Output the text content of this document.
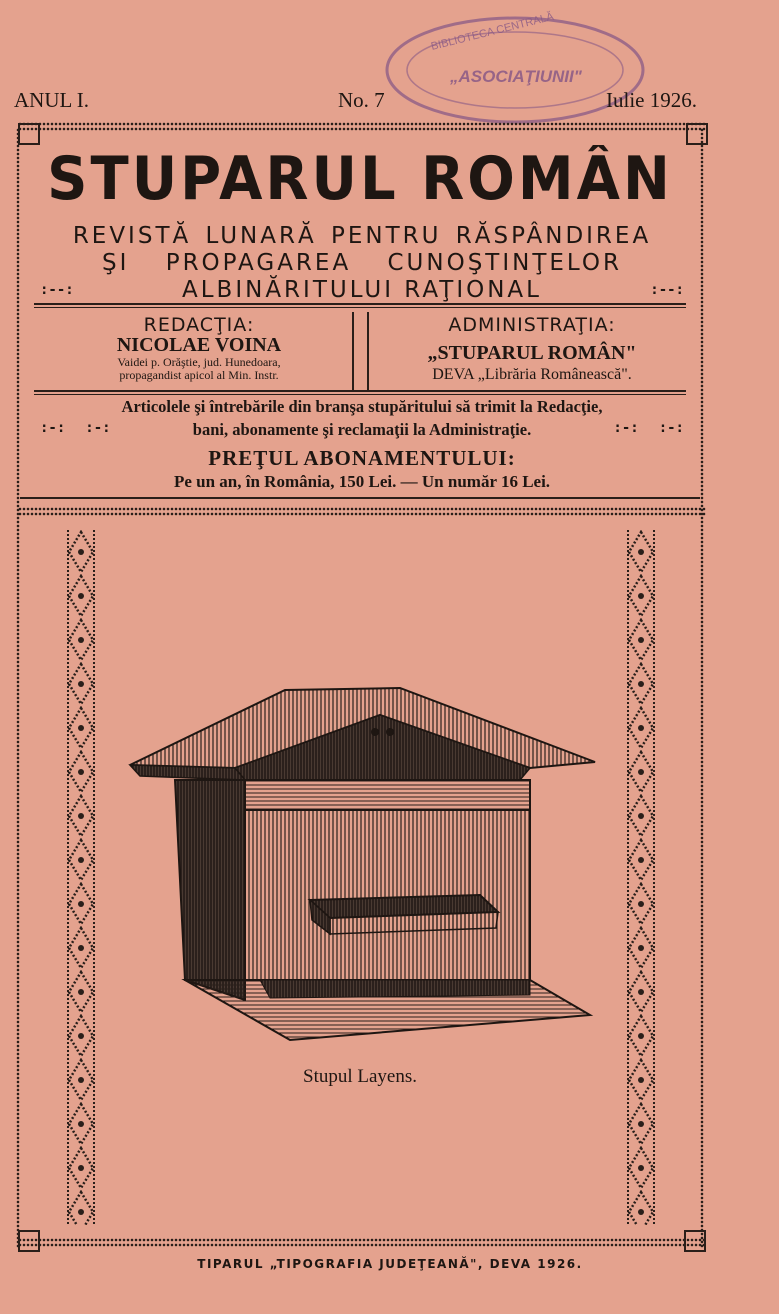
BIBLIOTECA CENTRALĂ
„ASOCIAŢIUNII"
ANUL I.	No. 7	Iulie 1926.
STUPARUL ROMÂN
REVISTĂ LUNARĂ PENTRU RĂSPÂNDIREA
ŞI PROPAGAREA CUNOŞTINŢELOR
:--:	ALBINĂRITULUI RAŢIONAL	:--:
REDACŢIA:
NICOLAE VOINA
Vaidei p. Orăştie, jud. Hunedoara,
propagandist apicol al Min. Instr.
ADMINISTRAŢIA:
„STUPARUL ROMÂN"
DEVA „Librăria Românească".
Articolele şi întrebările din branşa stupăritului să trimit la Redacţie,
:-: :-:	bani, abonamente şi reclamaţii la Administraţie.	:-: :-:
PREŢUL ABONAMENTULUI:
Pe un an, în România, 150 Lei. — Un număr 16 Lei.
Stupul Layens.
TIPARUL „TIPOGRAFIA JUDEŢEANĂ", DEVA 1926.
